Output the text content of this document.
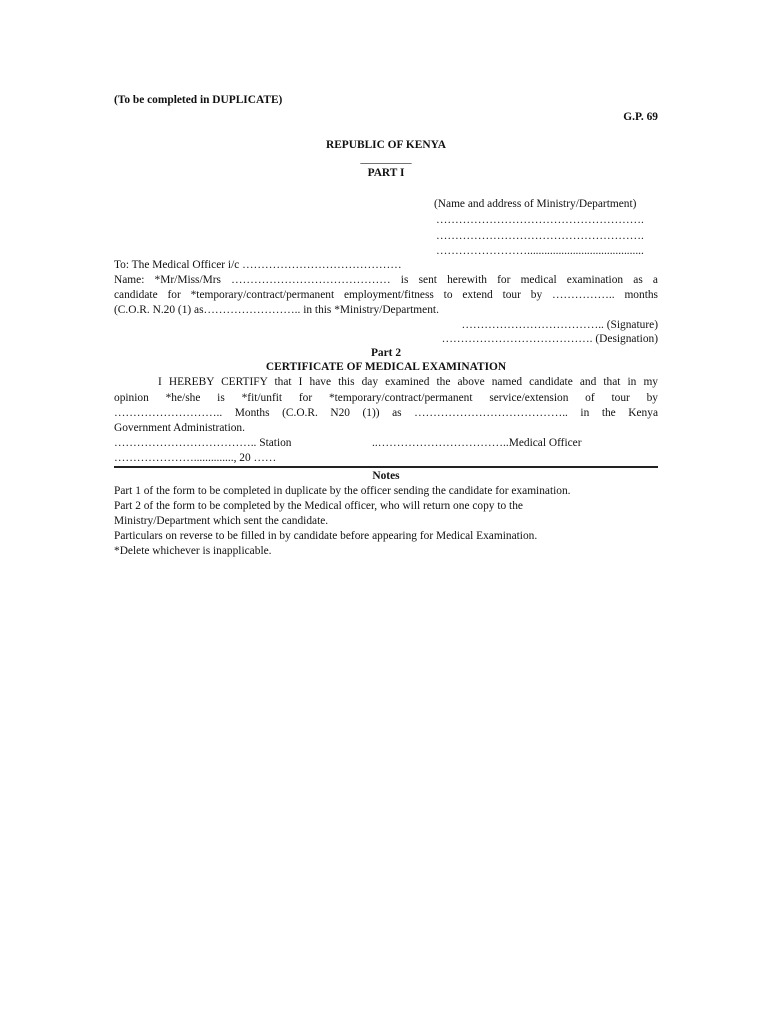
(To be completed in DUPLICATE)
G.P. 69
REPUBLIC OF KENYA
_________
PART I
(Name and address of Ministry/Department)
……………………………………………….
……………………………………………….
…………………….........................................
To: The Medical Officer i/c ……………………………………
Name: *Mr/Miss/Mrs …………………………………… is sent herewith for medical examination as a
candidate for *temporary/contract/permanent employment/fitness to extend tour by …………….. months
(C.O.R. N.20 (1) as…………………….. in this *Ministry/Department.
……………………………….. (Signature)
…………………………………. (Designation)
Part 2
CERTIFICATE OF MEDICAL EXAMINATION
I HEREBY CERTIFY that I have this day examined the above named candidate and that in my
opinion  *he/she  is  *fit/unfit  for  *temporary/contract/permanent  service/extension  of  tour  by
………………………..  Months  (C.O.R.  N20  (1))  as  …………………………………..  in  the  Kenya
Government Administration.
……………………………….. Station	..……………………………..Medical Officer
………………….............., 20 ……
Notes
Part 1 of the form to be completed in duplicate by the officer sending the candidate for examination.
Part 2 of the form to be completed by the Medical officer, who will return one copy to the
Ministry/Department which sent the candidate.
Particulars on reverse to be filled in by candidate before appearing for Medical Examination.
*Delete whichever is inapplicable.
